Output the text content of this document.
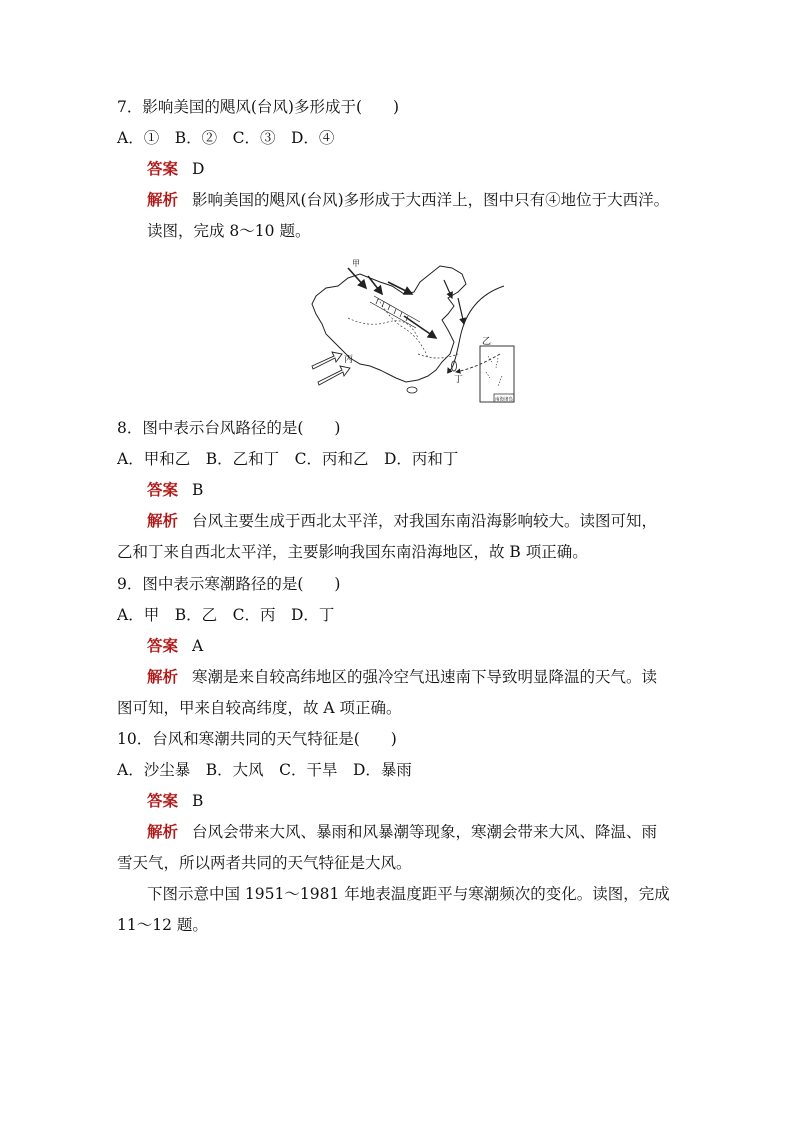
7．影响美国的飓风(台风)多形成于(　　)
A．①　B．②　C．③　D．④
答案 D
解析 影响美国的飓风(台风)多形成于大西洋上，图中只有④地位于大西洋。
读图，完成 8～10 题。
丙
乙
丁
甲
南海诸岛
8．图中表示台风路径的是(　　)
A．甲和乙　B．乙和丁　C．丙和乙　D．丙和丁
答案 B
解析 台风主要生成于西北太平洋，对我国东南沿海影响较大。读图可知，
乙和丁来自西北太平洋，主要影响我国东南沿海地区，故 B 项正确。
9．图中表示寒潮路径的是(　　)
A．甲　B．乙　C．丙　D．丁
答案 A
解析 寒潮是来自较高纬地区的强冷空气迅速南下导致明显降温的天气。读
图可知，甲来自较高纬度，故 A 项正确。
10．台风和寒潮共同的天气特征是(　　)
A．沙尘暴　B．大风　C．干旱　D．暴雨
答案 B
解析 台风会带来大风、暴雨和风暴潮等现象，寒潮会带来大风、降温、雨
雪天气，所以两者共同的天气特征是大风。
下图示意中国 1951～1981 年地表温度距平与寒潮频次的变化。读图，完成
11～12 题。
